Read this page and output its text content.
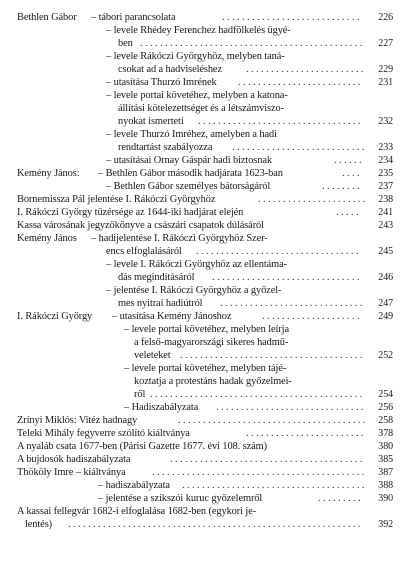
Bethlen Gábor – tábori parancsolata	. . . . . . . . . . . . . . . . . . . . . . . . . . . .	226
– levele Rhédey Ferenchez hadfölkelés ügyé-
ben . . . . . . . . . . . . . . . . . . . . . . . . . . . . . . . . . . . . . . . . . . . . .	227
– levele Rákóczi Györgyhöz, melyben taná-
csokat ad a hadviseléshez . . . . . . . . . . . . . . . . . . . . . . . .	229
– utasítása Thurzó Imrének . . . . . . . . . . . . . . . . . . . . . . . . .	231
– levele portai követéhez, melyben a katona-
állítási kötelezettséget és a létszámviszo-
nyokat ismerteti . . . . . . . . . . . . . . . . . . . . . . . . . . . . . . . . .	232
– levele Thurzó Imréhez, amelyben a hadi
rendtartást szabályozza . . . . . . . . . . . . . . . . . . . . . . . . . . .	233
– utasításai Ornay Gáspár hadi biztosnak	. . . . . .	234
Kemény János: – Bethlen Gábor második hadjárata 1623-ban	. . . .	235
– Bethlen Gábor személyes bátorságáról	. . . . . . . .	237
Bornemissza Pál jelentése I. Rákóczi Györgyhöz	. . . . . . . . . . . . . . . . . . . . . .	238
I. Rákóczi György tüzérsége az 1644-iki hadjárat elején	. . . . .	241
Kassa városának jegyzőkönyve a császári csapatok dúlásáról	243
Kemény János – hadijelentése I. Rákóczi Györgyhöz Szer-
encs elfoglalásáról . . . . . . . . . . . . . . . . . . . . . . . . . . . . . . . . .	245
– levele I. Rákóczi Györgyhöz az ellentáma-
dás megindításáról . . . . . . . . . . . . . . . . . . . . . . . . . . . . . .	246
– jelentése I. Rákóczi Györgyhöz a győzel-
mes nyitrai hadiútról . . . . . . . . . . . . . . . . . . . . . . . . . . . . .	247
I. Rákóczi György – utasítása Kemény Jánoshoz	. . . . . . . . . . . . . . . . . . . .	249
– levele portai követéhez, melyben leírja
a felső-magyarországi sikeres hadmű-
veleteket . . . . . . . . . . . . . . . . . . . . . . . . . . . . . . . . . . . . .	252
– levele portai követéhez, melyben tájé-
koztatja a protestáns hadak győzelmei-
ről . . . . . . . . . . . . . . . . . . . . . . . . . . . . . . . . . . . . . . . . . . .	254
– Hadiszabályzata . . . . . . . . . . . . . . . . . . . . . . . . . . . . . .	256
Zrínyi Miklós: Vitéz hadnagy	. . . . . . . . . . . . . . . . . . . . . . . . . . . . . . . . . . . . . .	258
Teleki Mihály fegyverre szólító kiáltványa	. . . . . . . . . . . . . . . . . . . . . . . .	378
A nyaláb csata 1677-ben (Párisi Gazette 1677. évi 108. szám)	380
A bujdosók hadiszabályzata	. . . . . . . . . . . . . . . . . . . . . . . . . . . . . . . . . . . . . . .	385
Thököly Imre – kiáltványa	. . . . . . . . . . . . . . . . . . . . . . . . . . . . . . . . . . . . . . . . . . .	387
– hadiszabályzata . . . . . . . . . . . . . . . . . . . . . . . . . . . . . . . . . . . . .	388
– jelentése a szikszói kuruc győzelemről	. . . . . . . . .	390
A kassai fellegvár 1682-i elfoglalása 1682-ben (egykori je-
lentés) . . . . . . . . . . . . . . . . . . . . . . . . . . . . . . . . . . . . . . . . . . . . . . . . . . . . . . . . . . .	392
